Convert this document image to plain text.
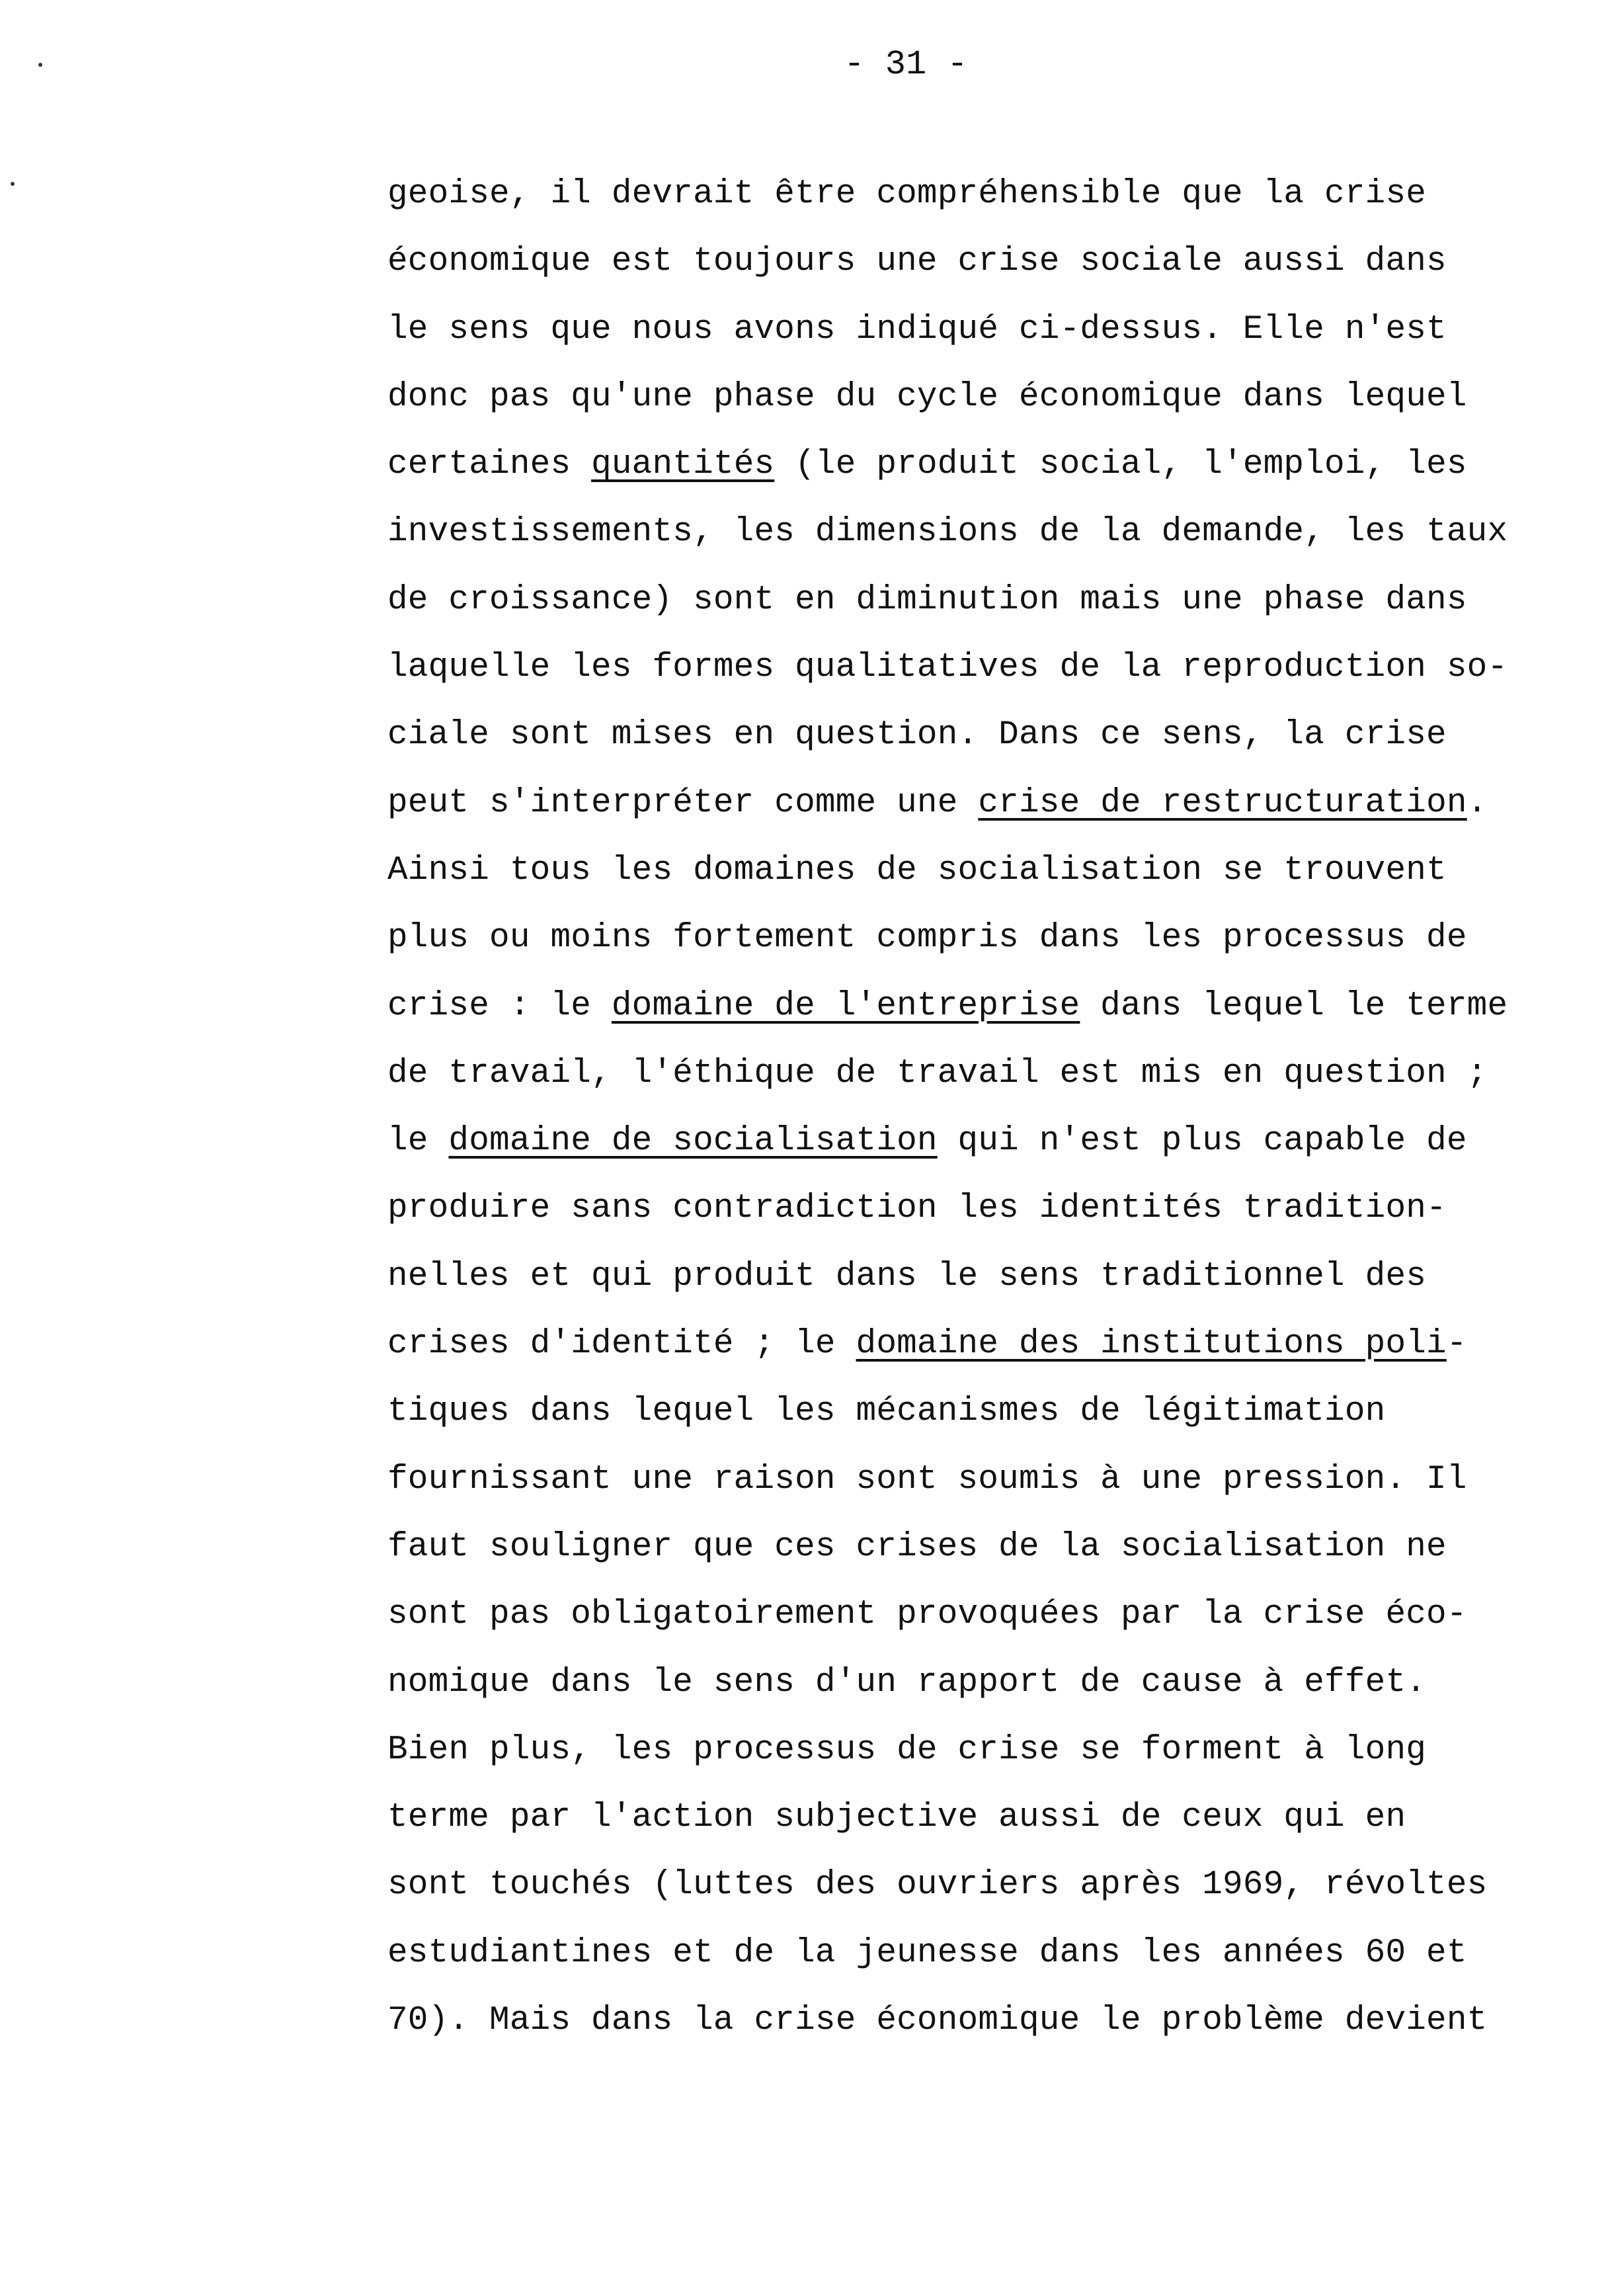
- 31 -
geoise, il devrait être compréhensible que la crise
économique est toujours une crise sociale aussi dans
le sens que nous avons indiqué ci-dessus. Elle n'est
donc pas qu'une phase du cycle économique dans lequel
certaines quantités (le produit social, l'emploi, les
investissements, les dimensions de la demande, les taux
de croissance) sont en diminution mais une phase dans
laquelle les formes qualitatives de la reproduction so-
ciale sont mises en question. Dans ce sens, la crise
peut s'interpréter comme une crise de restructuration.
Ainsi tous les domaines de socialisation se trouvent
plus ou moins fortement compris dans les processus de
crise : le domaine de l'entreprise dans lequel le terme
de travail, l'éthique de travail est mis en question ;
le domaine de socialisation qui n'est plus capable de
produire sans contradiction les identités tradition-
nelles et qui produit dans le sens traditionnel des
crises d'identité ; le domaine des institutions poli-
tiques dans lequel les mécanismes de légitimation
fournissant une raison sont soumis à une pression. Il
faut souligner que ces crises de la socialisation ne
sont pas obligatoirement provoquées par la crise éco-
nomique dans le sens d'un rapport de cause à effet.
Bien plus, les processus de crise se forment à long
terme par l'action subjective aussi de ceux qui en
sont touchés (luttes des ouvriers après 1969, révoltes
estudiantines et de la jeunesse dans les années 60 et
70). Mais dans la crise économique le problème devient
